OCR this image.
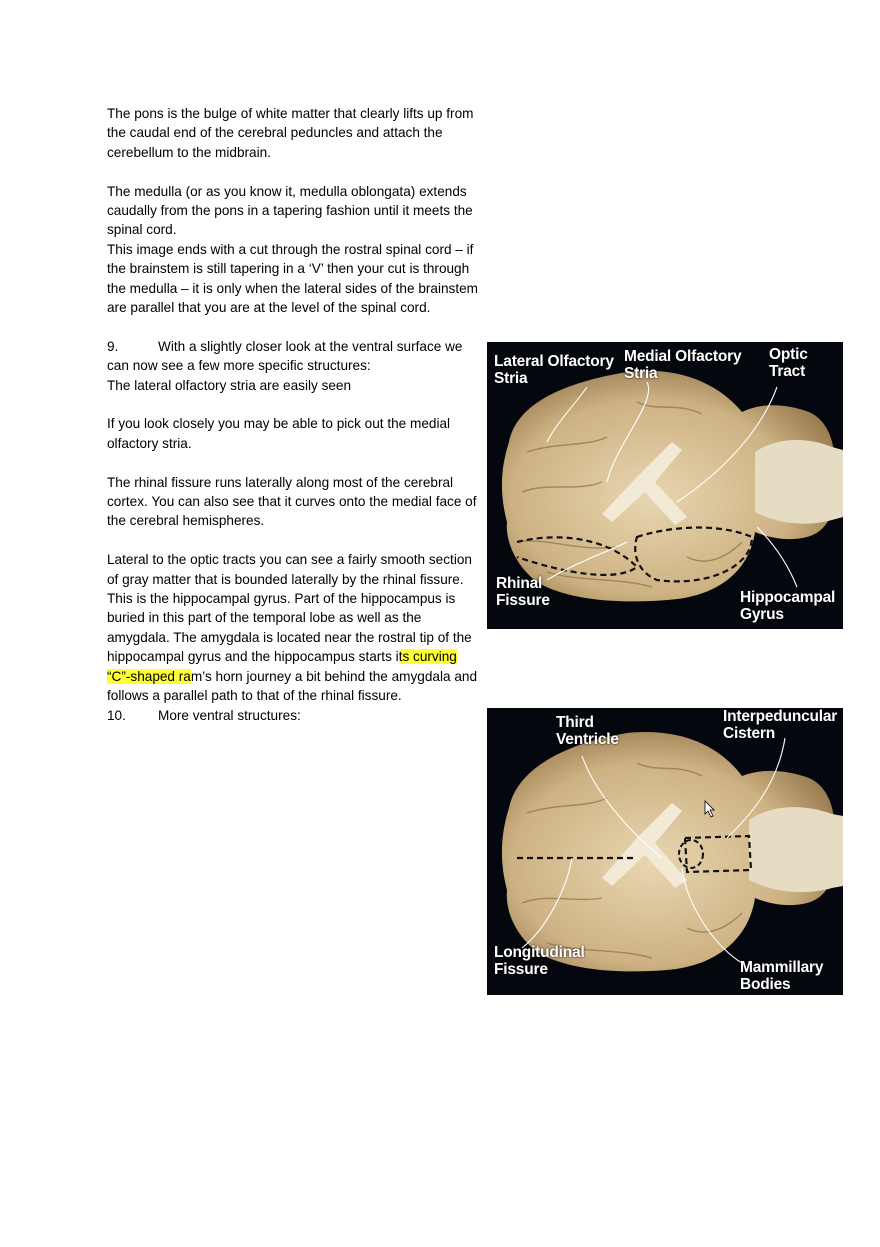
The pons is the bulge of white matter that clearly lifts up from the caudal end of the cerebral peduncles and attach the cerebellum to the midbrain.

The medulla (or as you know it, medulla oblongata) extends caudally from the pons in a tapering fashion until it meets the spinal cord.

This image ends with a cut through the rostral spinal cord – if the brainstem is still tapering in a ‘V’ then your cut is through the medulla – it is only when the lateral sides of the brainstem are parallel that you are at the level of the spinal cord.

9.	With a slightly closer look at the ventral surface we can now see a few more specific structures:

The lateral olfactory stria are easily seen

If you look closely you may be able to pick out the medial olfactory stria.

The rhinal fissure runs laterally along most of the cerebral cortex. You can also see that it curves onto the medial face of the cerebral hemispheres.

Lateral to the optic tracts you can see a fairly smooth section of gray matter that is bounded laterally by the rhinal fissure. This is the hippocampal gyrus. Part of the hippocampus is buried in this part of the temporal lobe as well as the amygdala. The amygdala is located near the rostral tip of the hippocampal gyrus and the hippocampus starts its curving “C”-shaped ram’s horn journey a bit behind the amygdala and follows a parallel path to that of the rhinal fissure.

10. More ventral structures:

Lateral Olfactory Stria
Medial Olfactory Stria
Optic Tract
Rhinal Fissure	Hippocampal Gyrus
Third Ventricle
Interpeduncular Cistern
Longitudinal Fissure	Mammillary Bodies
